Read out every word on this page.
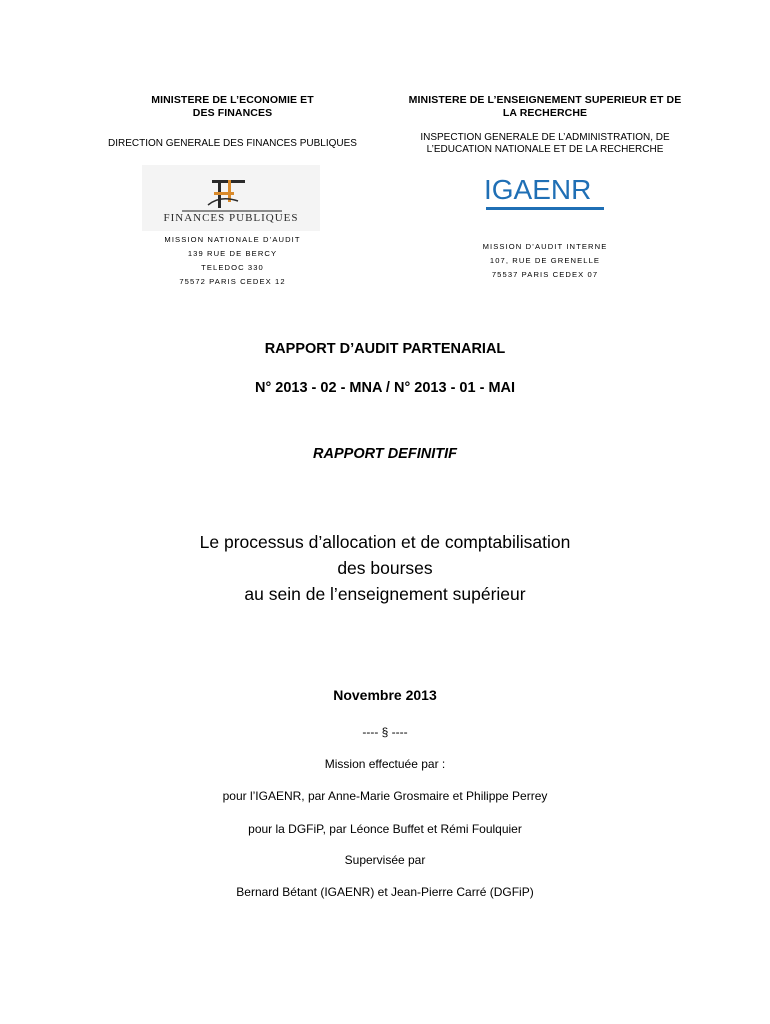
MINISTERE DE L’ECONOMIE ET
DES FINANCES
DIRECTION GENERALE DES FINANCES PUBLIQUES
FINANCES PUBLIQUES
MISSION NATIONALE D’AUDIT
139 RUE DE BERCY
TELEDOC 330
75572 PARIS CEDEX 12
MINISTERE DE L’ENSEIGNEMENT SUPERIEUR ET DE
LA RECHERCHE
INSPECTION GENERALE DE L’ADMINISTRATION, DE
L’EDUCATION NATIONALE ET DE LA RECHERCHE
IGAENR
MISSION D’AUDIT INTERNE
107, RUE DE GRENELLE
75537 PARIS CEDEX 07
RAPPORT D’AUDIT PARTENARIAL
N° 2013 - 02 - MNA / N° 2013 - 01 - MAI
RAPPORT DEFINITIF
Le processus d’allocation et de comptabilisation
des bourses
au sein de l’enseignement supérieur
Novembre 2013
---- § ----
Mission effectuée par :
pour l’IGAENR, par Anne-Marie Grosmaire et Philippe Perrey
pour la DGFiP, par Léonce Buffet et Rémi Foulquier
Supervisée par
Bernard Bétant (IGAENR) et Jean-Pierre Carré (DGFiP)
